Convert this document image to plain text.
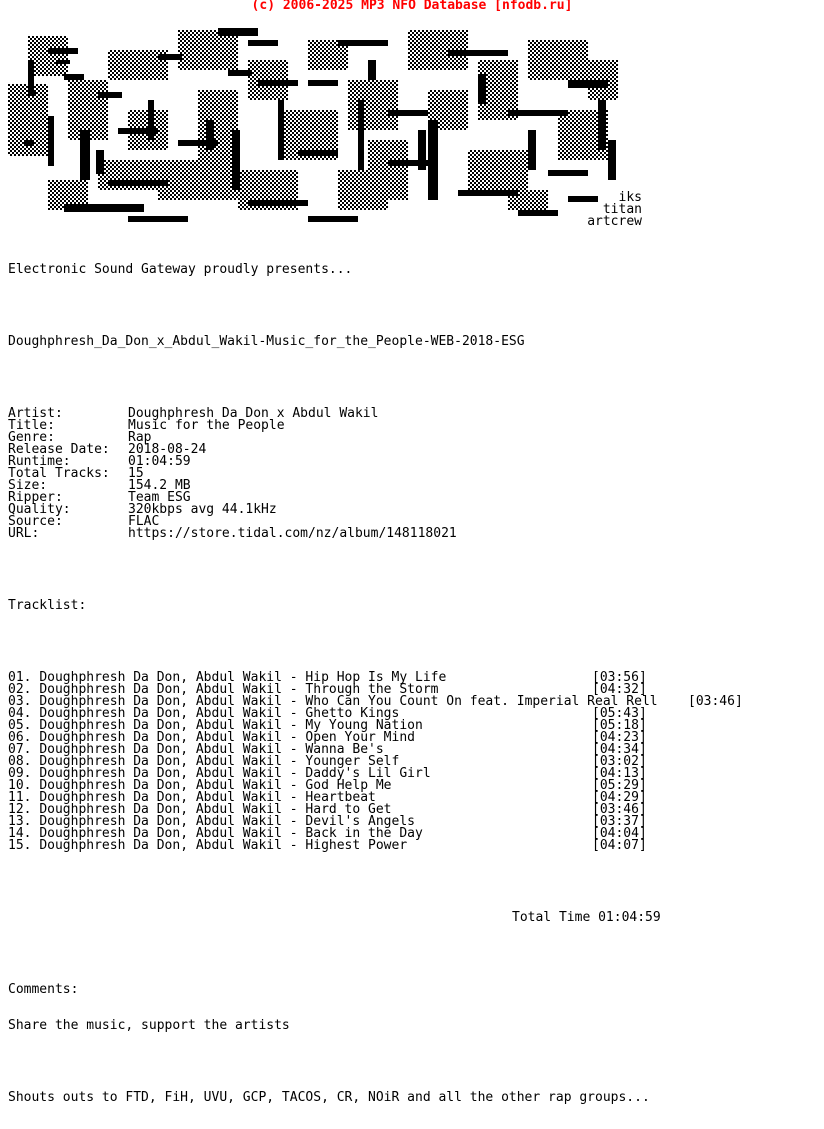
(c) 2006-2025 MP3 NFO Database [nfodb.ru]
iks
titan
artcrew

Electronic Sound Gateway proudly presents...

Doughphresh_Da_Don_x_Abdul_Wakil-Music_for_the_People-WEB-2018-ESG

Artist:	Doughphresh Da Don x Abdul Wakil
Title:	Music for the People
Genre:	Rap
Release Date: 2018-08-24
Runtime:	01:04:59
Total Tracks: 15
Size:	154.2 MB
Ripper:	Team ESG
Quality:	320kbps avg 44.1kHz
Source:	FLAC
URL:	https://store.tidal.com/nz/album/148118021

Tracklist:

01. Doughphresh Da Don, Abdul Wakil - Hip Hop Is My Life	[03:56]
02. Doughphresh Da Don, Abdul Wakil - Through the Storm	[04:32]
03. Doughphresh Da Don, Abdul Wakil - Who Can You Count On feat. Imperial Real Rell [03:46]
04. Doughphresh Da Don, Abdul Wakil - Ghetto Kings	[05:43]
05. Doughphresh Da Don, Abdul Wakil - My Young Nation	[05:18]
06. Doughphresh Da Don, Abdul Wakil - Open Your Mind	[04:23]
07. Doughphresh Da Don, Abdul Wakil - Wanna Be's	[04:34]
08. Doughphresh Da Don, Abdul Wakil - Younger Self	[03:02]
09. Doughphresh Da Don, Abdul Wakil - Daddy's Lil Girl	[04:13]
10. Doughphresh Da Don, Abdul Wakil - God Help Me	[05:29]
11. Doughphresh Da Don, Abdul Wakil - Heartbeat	[04:29]
12. Doughphresh Da Don, Abdul Wakil - Hard to Get	[03:46]
13. Doughphresh Da Don, Abdul Wakil - Devil's Angels	[03:37]
14. Doughphresh Da Don, Abdul Wakil - Back in the Day	[04:04]
15. Doughphresh Da Don, Abdul Wakil - Highest Power	[04:07]

Total Time 01:04:59

Comments:

Share the music, support the artists

Shouts outs to FTD, FiH, UVU, GCP, TACOS, CR, NOiR and all the other rap groups...
